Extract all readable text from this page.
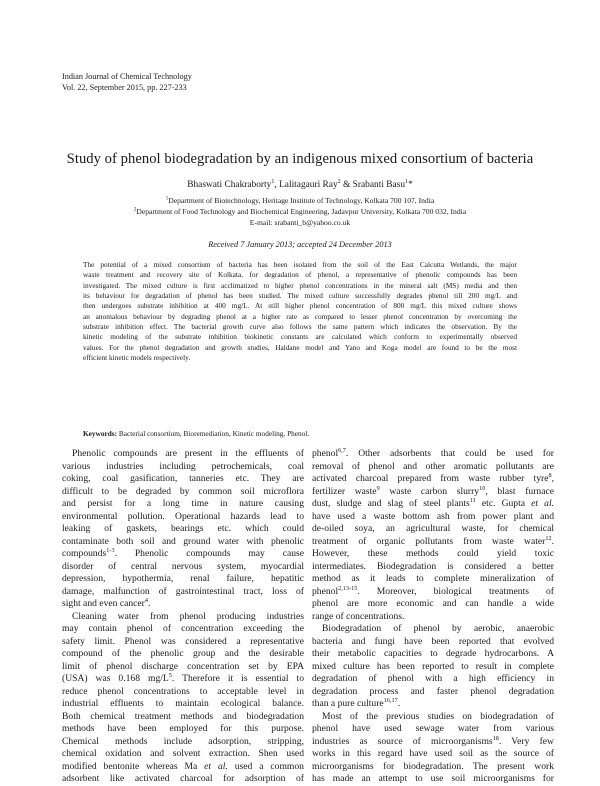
Indian Journal of Chemical Technology
Vol. 22, September 2015, pp. 227-233
Study of phenol biodegradation by an indigenous mixed consortium of bacteria
Bhaswati Chakraborty$^1$, Lalitagauri Ray$^2$ & Srabanti Basu$^1$*
$^1$Department of Biotechnology, Heritage Institute of Technology, Kolkata 700 107, India
$^2$Department of Food Technology and Biochemical Engineering, Jadavpur University, Kolkata 700 032, India
E-mail: srabanti_b@yahoo.co.uk
Received 7 January 2013; accepted 24 December 2013
The potential of a mixed consortium of bacteria has been isolated from the soil of the East Calcutta Wetlands, the major
waste treatment and recovery site of Kolkata, for degradation of phenol, a representative of phenolic compounds has been
investigated. The mixed culture is first acclimatized to higher phenol concentrations in the mineral salt (MS) media and then
its behaviour for degradation of phenol has been studied. The mixed culture successfully degrades phenol till 200 mg/L and
then undergoes substrate inhibition at 400 mg/L. At still higher phenol concentration of 800 mg/L this mixed culture shows
an anomalous behaviour by degrading phenol at a higher rate as compared to lesser phenol concentration by overcoming the
substrate inhibition effect. The bacterial growth curve also follows the same pattern which indicates the observation. By the
kinetic modeling of the substrate inhibition biokinetic constants are calculated which conform to experimentally observed
values. For the phenol degradation and growth studies, Haldane model and Yano and Koga model are found to be the most
efficient kinetic models respectively.
Keywords: Bacterial consortium, Bioremediation, Kinetic modeling, Phenol.
Phenolic compounds are present in the effluents of
various industries including petrochemicals, coal
coking, coal gasification, tanneries etc. They are
difficult to be degraded by common soil microflora
and persist for a long time in nature causing
environmental pollution. Operational hazards lead to
leaking of gaskets, bearings etc. which could
contaminate both soil and ground water with phenolic
compounds$^{1-3}$. Phenolic compounds may cause
disorder of central nervous system, myocardial
depression, hypothermia, renal failure, hepatitic
damage, malfunction of gastrointestinal tract, loss of
sight and even cancer$^4$.
Cleaning water from phenol producing industries
may contain phenol of concentration exceeding the
safety limit. Phenol was considered a representative
compound of the phenolic group and the desirable
limit of phenol discharge concentration set by EPA
(USA) was 0.168 $mg/L^5$. Therefore it is essential to
reduce phenol concentrations to acceptable level in
industrial effluents to maintain ecological balance.
Both chemical treatment methods and biodegradation
methods have been employed for this purpose.
Chemical methods include adsorption, stripping,
chemical oxidation and solvent extraction. Shen used
modified bentonite whereas Ma et al. used a common
adsorbent like activated charcoal for adsorption of
phenol$^{6,7}$. Other adsorbents that could be used for
removal of phenol and other aromatic pollutants are
activated charcoal prepared from waste rubber tyre$^8$,
fertilizer waste$^9$ waste carbon slurry$^{10}$, blast furnace
dust, sludge and slag of steel plants$^{11}$ etc. Gupta et al.
have used a waste bottom ash from power plant and
de-oiled soya, an agricultural waste, for chemical
treatment of organic pollutants from waste water$^{12}$.
However, these methods could yield toxic
intermediates. Biodegradation is considered a better
method as it leads to complete mineralization of
phenol$^{2,13-15}$. Moreover, biological treatments of
phenol are more economic and can handle a wide
range of concentrations.
Biodegradation of phenol by aerobic, anaerobic
bacteria and fungi have been reported that evolved
their metabolic capacities to degrade hydrocarbons. A
mixed culture has been reported to result in complete
degradation of phenol with a high efficiency in
degradation process and faster phenol degradation
than a pure culture$^{16,17}$.
Most of the previous studies on biodegradation of
phenol have used sewage water from various
industries as source of microorganisms$^{18}$. Very few
works in this regard have used soil as the source of
microorganisms for biodegradation. The present work
has made an attempt to use soil microorganisms for
